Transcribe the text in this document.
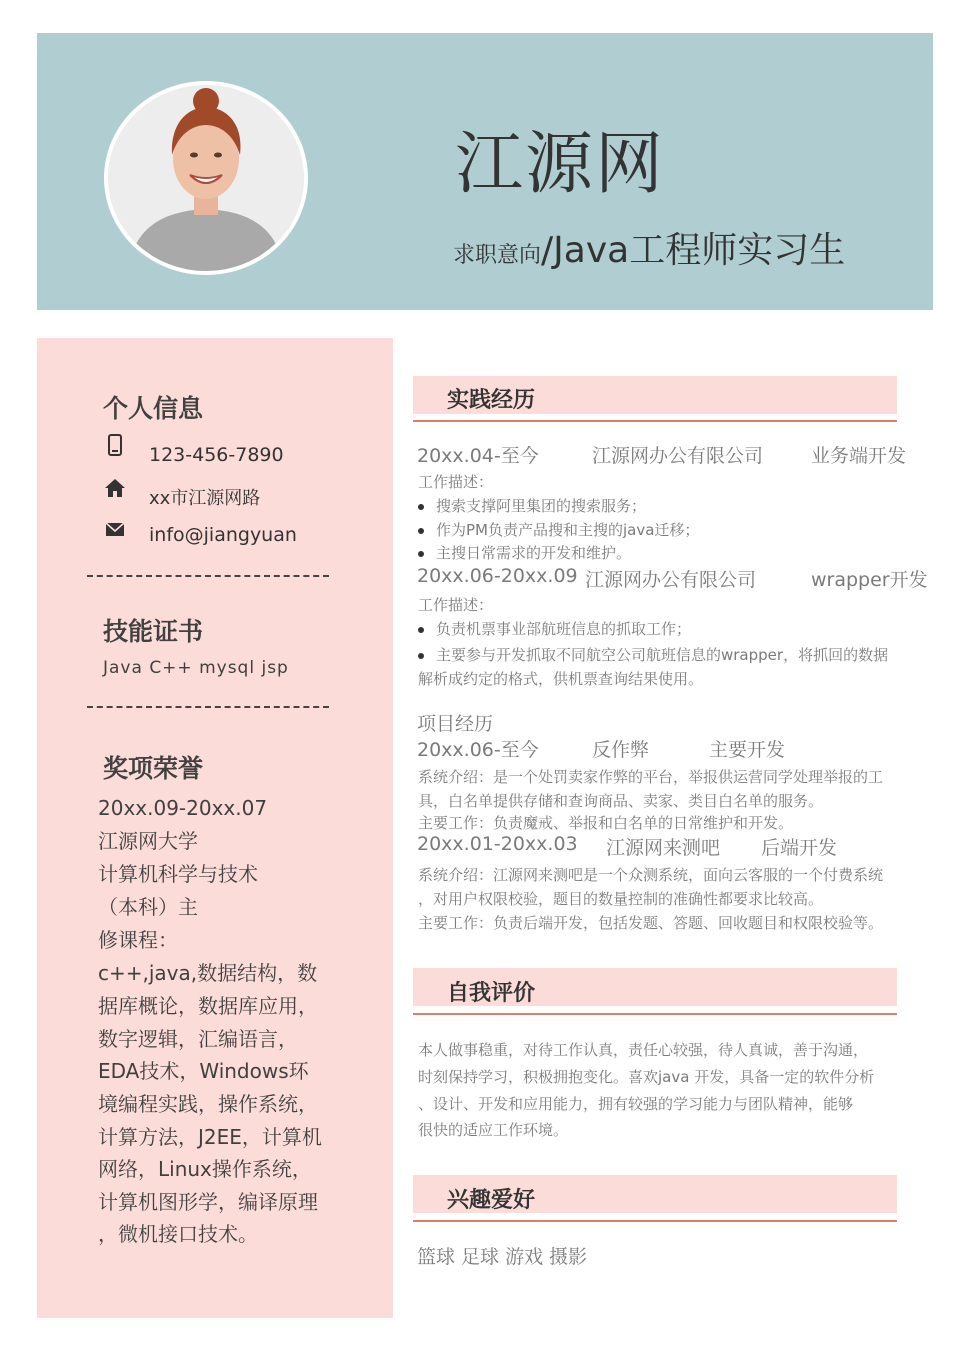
江源网
求职意向/Java工程师实习生
个人信息
123-456-7890
xx市江源网路
info@jiangyuan
技能证书
Java C++ mysql jsp
奖项荣誉
20xx.09-20xx.07
江源网大学
计算机科学与技术
（本科）主
修课程：
c++,java,数据结构，数
据库概论，数据库应用，
数字逻辑，汇编语言，
EDA技术，Windows环
境编程实践，操作系统，
计算方法，J2EE，计算机
网络，Linux操作系统，
计算机图形学，编译原理
，微机接口技术。
实践经历
20xx.04-至今	江源网办公有限公司	业务端开发
工作描述：
搜索支撑阿里集团的搜索服务；
作为PM负责产品搜和主搜的java迁移；
主搜日常需求的开发和维护。
20xx.06-20xx.09 江源网办公有限公司	wrapper开发
工作描述：
负责机票事业部航班信息的抓取工作；
主要参与开发抓取不同航空公司航班信息的wrapper，将抓回的数据
解析成约定的格式，供机票查询结果使用。
项目经历
20xx.06-至今	反作弊	主要开发
系统介绍：是一个处罚卖家作弊的平台，举报供运营同学处理举报的工
具，白名单提供存储和查询商品、卖家、类目白名单的服务。
主要工作：负责魔戒、举报和白名单的日常维护和开发。
20xx.01-20xx.03 江源网来测吧 后端开发
系统介绍：江源网来测吧是一个众测系统，面向云客服的一个付费系统
，对用户权限校验，题目的数量控制的准确性都要求比较高。
主要工作：负责后端开发，包括发题、答题、回收题目和权限校验等。
自我评价
本人做事稳重，对待工作认真，责任心较强，待人真诚，善于沟通，
时刻保持学习，积极拥抱变化。喜欢java 开发，具备一定的软件分析
、设计、开发和应用能力，拥有较强的学习能力与团队精神，能够
很快的适应工作环境。
兴趣爱好
篮球 足球 游戏 摄影
